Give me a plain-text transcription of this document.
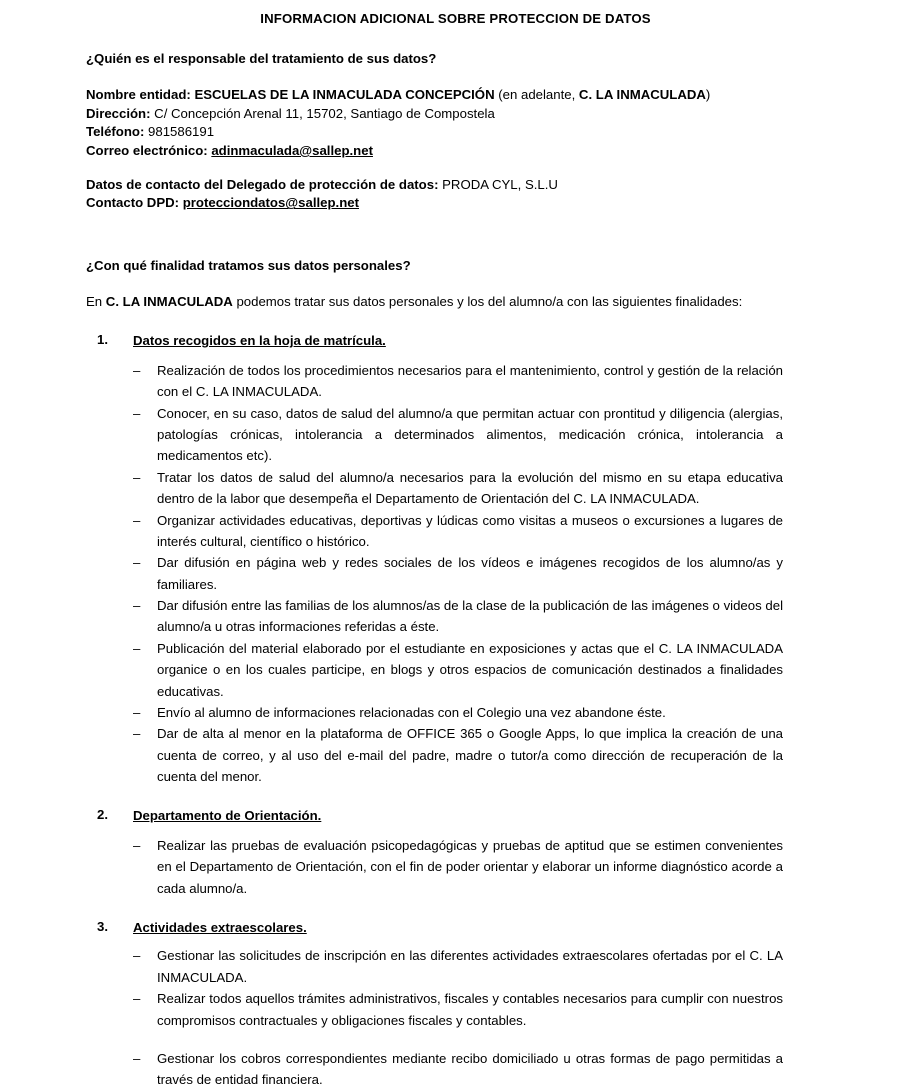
INFORMACION ADICIONAL SOBRE PROTECCION DE DATOS
¿Quién es el responsable del tratamiento de sus datos?
Nombre entidad: ESCUELAS DE LA INMACULADA CONCEPCIÓN (en adelante, C. LA INMACULADA)
Dirección: C/ Concepción Arenal 11, 15702, Santiago de Compostela
Teléfono: 981586191
Correo electrónico: adinmaculada@sallep.net
Datos de contacto del Delegado de protección de datos: PRODA CYL, S.L.U
Contacto DPD: protecciondatos@sallep.net
¿Con qué finalidad tratamos sus datos personales?

En C. LA INMACULADA podemos tratar sus datos personales y los del alumno/a con las siguientes finalidades:

1. Datos recogidos en la hoja de matrícula.
– Realización de todos los procedimientos necesarios para el mantenimiento, control y gestión de la relación con el C. LA INMACULADA.
– Conocer, en su caso, datos de salud del alumno/a que permitan actuar con prontitud y diligencia (alergias, patologías crónicas, intolerancia a determinados alimentos, medicación crónica, intolerancia a medicamentos etc).
– Tratar los datos de salud del alumno/a necesarios para la evolución del mismo en su etapa educativa dentro de la labor que desempeña el Departamento de Orientación del C. LA INMACULADA.
– Organizar actividades educativas, deportivas y lúdicas como visitas a museos o excursiones a lugares de interés cultural, científico o histórico.
– Dar difusión en página web y redes sociales de los vídeos e imágenes recogidos de los alumno/as y familiares.
– Dar difusión entre las familias de los alumnos/as de la clase de la publicación de las imágenes o videos del alumno/a u otras informaciones referidas a éste.
– Publicación del material elaborado por el estudiante en exposiciones y actas que el C. LA INMACULADA organice o en los cuales participe, en blogs y otros espacios de comunicación destinados a finalidades educativas.
– Envío al alumno de informaciones relacionadas con el Colegio una vez abandone éste.
– Dar de alta al menor en la plataforma de OFFICE 365 o Google Apps, lo que implica la creación de una cuenta de correo, y al uso del e-mail del padre, madre o tutor/a como dirección de recuperación de la cuenta del menor.
2. Departamento de Orientación.
– Realizar las pruebas de evaluación psicopedagógicas y pruebas de aptitud que se estimen convenientes en el Departamento de Orientación, con el fin de poder orientar y elaborar un informe diagnóstico acorde a cada alumno/a.
3. Actividades extraescolares.
– Gestionar las solicitudes de inscripción en las diferentes actividades extraescolares ofertadas por el C. LA INMACULADA.
– Realizar todos aquellos trámites administrativos, fiscales y contables necesarios para cumplir con nuestros compromisos contractuales y obligaciones fiscales y contables.
– Gestionar los cobros correspondientes mediante recibo domiciliado u otras formas de pago permitidas a través de entidad financiera.
